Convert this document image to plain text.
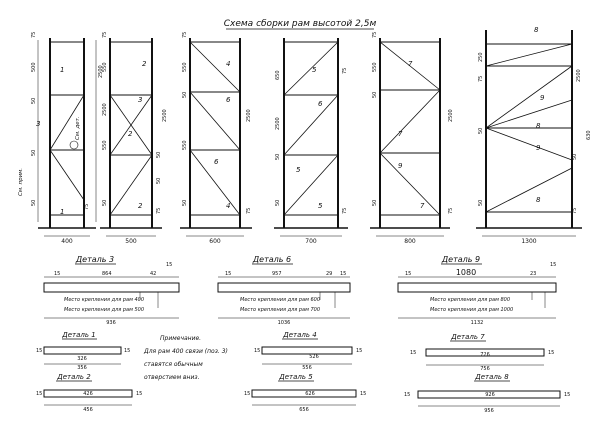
Схема сборки рам высотой 2,5м
400
75
500
50
50
50
2500
75
1
3
1
См. дет.
См. прим.
500
75
550
2500
550
50
2500
50
50
75
2
3
2
2
600
75
550
50
550
50
2500
75
4
6
6
4
700
650
2500
50
50
75
75
5
6
5
5
800
75
550
50
50
2500
75
7
7
9
7
1300
250
75
50
50
2500
50
630
75
8
9
8
9
8
Деталь 3
15	864	42
15
Место крепления для рам 400
Место крепления для рам 500
936
Деталь 6
15	957	29 15
Место крепления для рам 600
Место крепления для рам 700
1036
Деталь 9
15	1080	23
15
Место крепления для рам 800
Место крепления для рам 1000
1132
Деталь 1
15
326
15
356
Деталь 2
15	426	15
456
Деталь 4
15
526
15
556
Деталь 5
15	626	15
656
Деталь 7
15	726	15
756
Деталь 8
15	926	15
956
Примечание.
Для рам 400 связи (поз. 3)
ставятся обычным
отверстием вниз.
